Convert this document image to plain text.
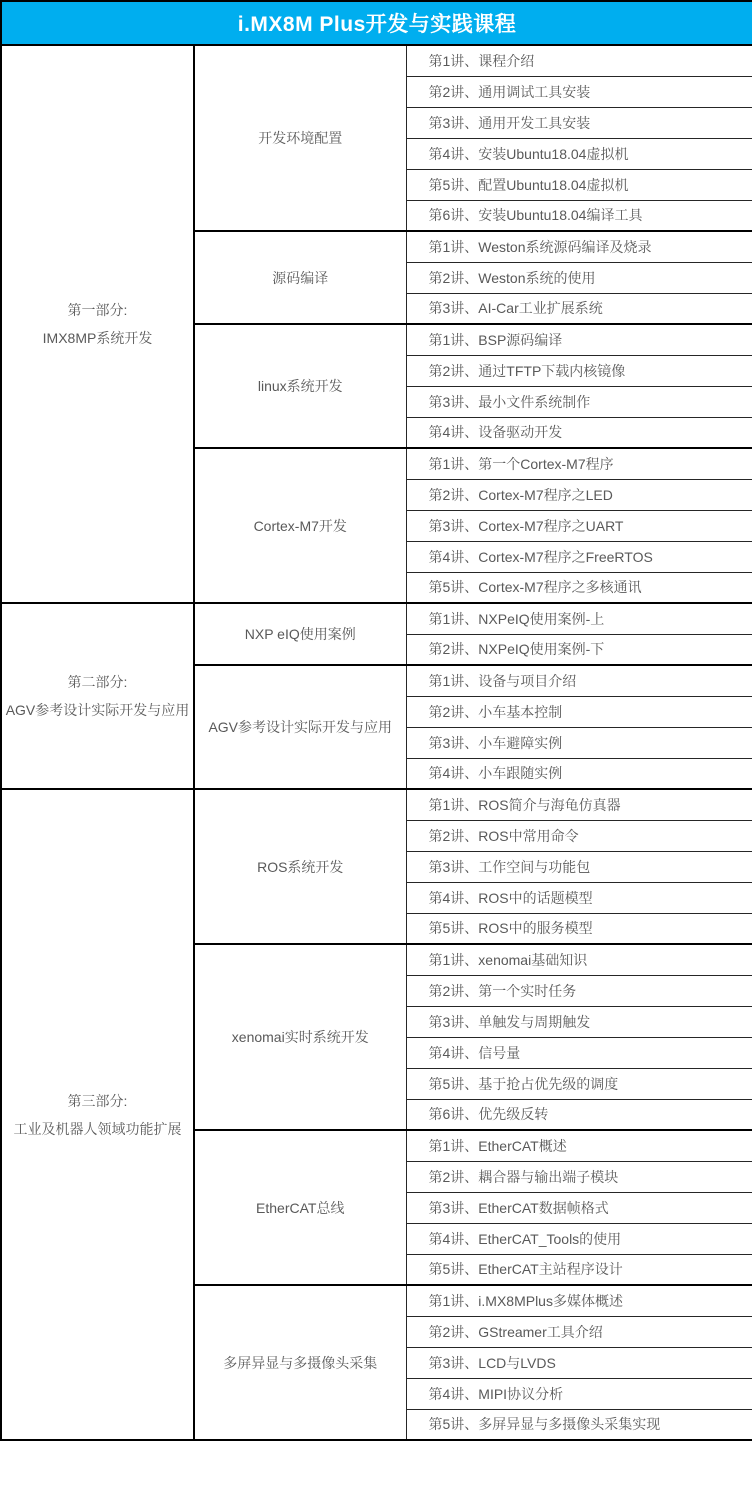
i.MX8M Plus开发与实践课程		

第一部分:
IMX8MP系统开发	开发环境配置	第1讲、课程介绍
		第2讲、通用调试工具安装
		第3讲、通用开发工具安装
		第4讲、安装Ubuntu18.04虚拟机
		第5讲、配置Ubuntu18.04虚拟机
		第6讲、安装Ubuntu18.04编译工具
	源码编译	第1讲、Weston系统源码编译及烧录
		第2讲、Weston系统的使用
		第3讲、AI-Car工业扩展系统
	linux系统开发	第1讲、BSP源码编译
		第2讲、通过TFTP下载内核镜像
		第3讲、最小文件系统制作
		第4讲、设备驱动开发
	Cortex-M7开发	第1讲、第一个Cortex-M7程序
		第2讲、Cortex-M7程序之LED
		第3讲、Cortex-M7程序之UART
		第4讲、Cortex-M7程序之FreeRTOS
		第5讲、Cortex-M7程序之多核通讯

第二部分:
AGV参考设计实际开发与应用	NXP eIQ使用案例	第1讲、NXPeIQ使用案例-上
		第2讲、NXPeIQ使用案例-下
	AGV参考设计实际开发与应用	第1讲、设备与项目介绍
		第2讲、小车基本控制
		第3讲、小车避障实例
		第4讲、小车跟随实例

第三部分:
工业及机器人领域功能扩展	ROS系统开发	第1讲、ROS简介与海龟仿真器
		第2讲、ROS中常用命令
		第3讲、工作空间与功能包
		第4讲、ROS中的话题模型
		第5讲、ROS中的服务模型
	xenomai实时系统开发	第1讲、xenomai基础知识
		第2讲、第一个实时任务
		第3讲、单触发与周期触发
		第4讲、信号量
		第5讲、基于抢占优先级的调度
		第6讲、优先级反转
	EtherCAT总线	第1讲、EtherCAT概述
		第2讲、耦合器与输出端子模块
		第3讲、EtherCAT数据帧格式
		第4讲、EtherCAT_Tools的使用
		第5讲、EtherCAT主站程序设计
	多屏异显与多摄像头采集	第1讲、i.MX8MPlus多媒体概述
		第2讲、GStreamer工具介绍
		第3讲、LCD与LVDS
		第4讲、MIPI协议分析
		第5讲、多屏异显与多摄像头采集实现
